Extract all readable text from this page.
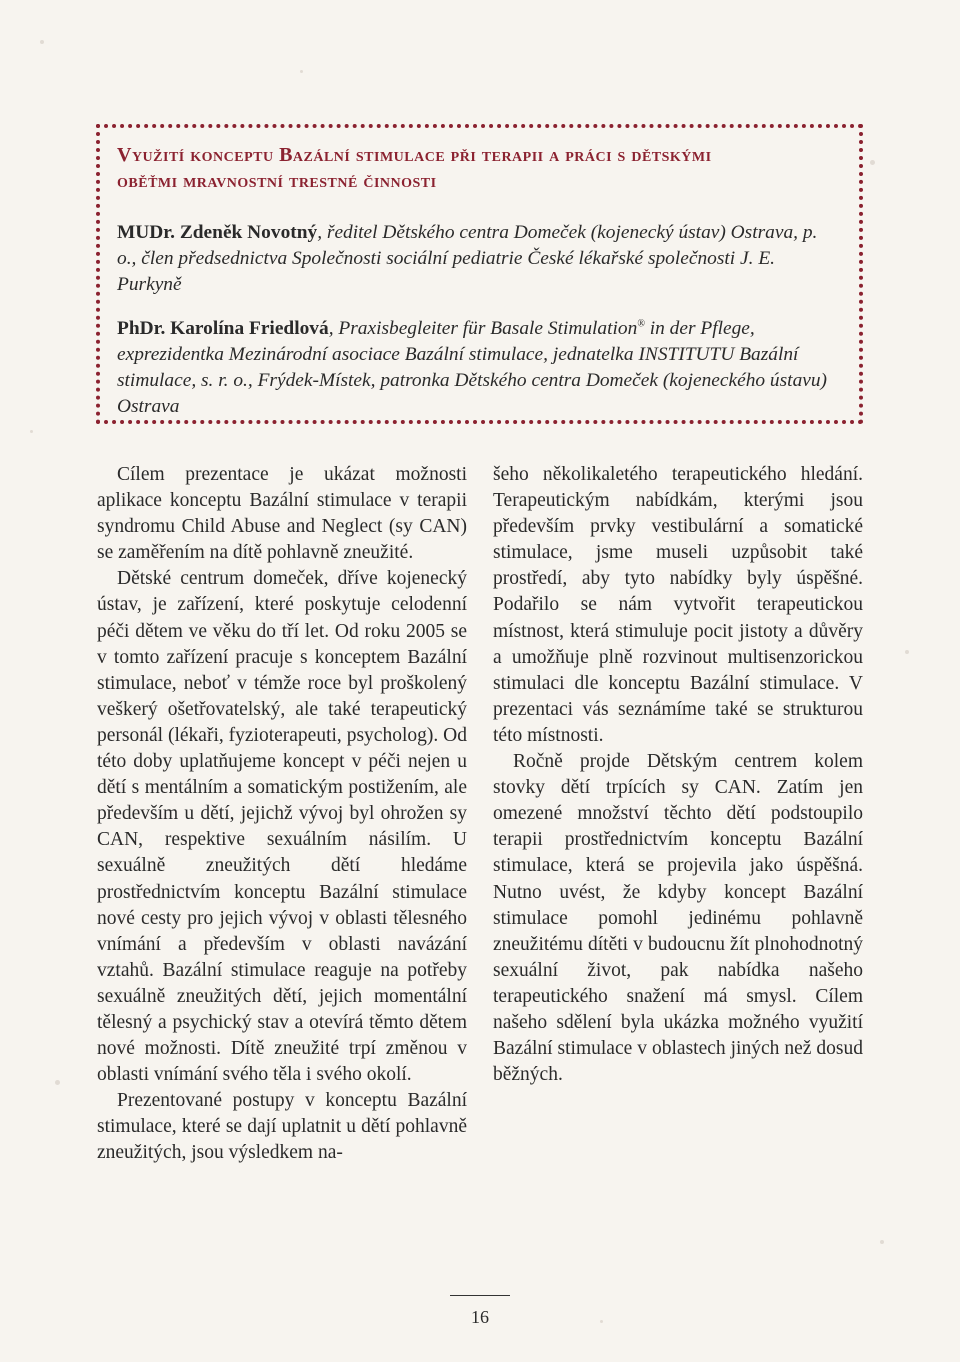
Využití konceptu Bazální stimulace při terapii a práci s dětskými
oběťmi mravnostní trestné činnosti

MUDr. Zdeněk Novotný, ředitel Dětského centra Domeček (kojenecký ústav) Ostrava, p. o., člen předsednictva Společnosti sociální pediatrie České lékařské společnosti J. E. Purkyně

PhDr. Karolína Friedlová, Praxisbegleiter für Basale Stimulation® in der Pflege, exprezidentka Mezinárodní asociace Bazální stimulace, jednatelka INSTITUTU Bazální stimulace, s. r. o., Frýdek-Místek, patronka Dětského centra Domeček (kojeneckého ústavu) Ostrava

Cílem prezentace je ukázat možnosti aplikace konceptu Bazální stimulace v terapii syndromu Child Abuse and Neglect (sy CAN) se zaměřením na dítě pohlavně zneužité.

Dětské centrum domeček, dříve kojenecký ústav, je zařízení, které poskytuje celodenní péči dětem ve věku do tří let. Od roku 2005 se v tomto zařízení pracuje s konceptem Bazální stimulace, neboť v témže roce byl proškolený veškerý ošetřovatelský, ale také terapeutický personál (lékaři, fyzioterapeuti, psycholog). Od této doby uplatňujeme koncept v péči nejen u dětí s mentálním a somatickým postižením, ale především u dětí, jejichž vývoj byl ohrožen sy CAN, respektive sexuálním násilím. U sexuálně zneužitých dětí hledáme prostřednictvím konceptu Bazální stimulace nové cesty pro jejich vývoj v oblasti tělesného vnímání a především v oblasti navázání vztahů. Bazální stimulace reaguje na potřeby sexuálně zneužitých dětí, jejich momentální tělesný a psychický stav a otevírá těmto dětem nové možnosti. Dítě zneužité trpí změnou v oblasti vnímání svého těla i svého okolí.

Prezentované postupy v konceptu Bazální stimulace, které se dají uplatnit u dětí pohlavně zneužitých, jsou výsledkem na-

šeho několikaletého terapeutického hledání. Terapeutickým nabídkám, kterými jsou především prvky vestibulární a somatické stimulace, jsme museli uzpůsobit také prostředí, aby tyto nabídky byly úspěšné. Podařilo se nám vytvořit terapeutickou místnost, která stimuluje pocit jistoty a důvěry a umožňuje plně rozvinout multisenzorickou stimulaci dle konceptu Bazální stimulace. V prezentaci vás seznámíme také se strukturou této místnosti.

Ročně projde Dětským centrem kolem stovky dětí trpících sy CAN. Zatím jen omezené množství těchto dětí podstoupilo terapii prostřednictvím konceptu Bazální stimulace, která se projevila jako úspěšná. Nutno uvést, že kdyby koncept Bazální stimulace pomohl jedinému pohlavně zneužitému dítěti v budoucnu žít plnohodnotný sexuální život, pak nabídka našeho terapeutického snažení má smysl. Cílem našeho sdělení byla ukázka možného využití Bazální stimulace v oblastech jiných než dosud běžných.

16
